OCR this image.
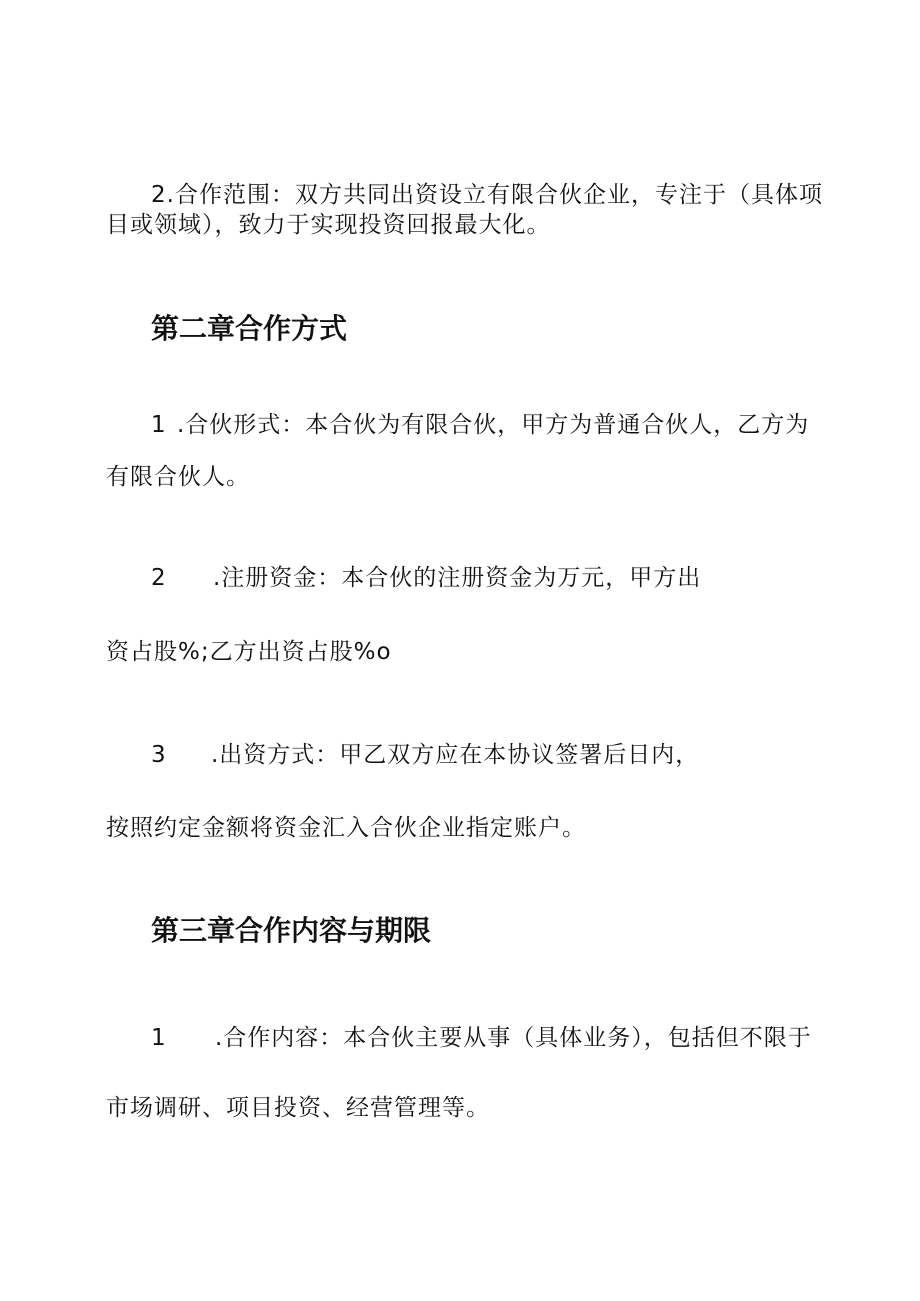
2.合作范围：双方共同出资设立有限合伙企业，专注于（具体项
目或领域），致力于实现投资回报最大化。
第二章合作方式
1 .合伙形式：本合伙为有限合伙，甲方为普通合伙人，乙方为
有限合伙人。
2 .注册资金：本合伙的注册资金为万元，甲方出
资占股%;乙方出资占股%o
3 .出资方式：甲乙双方应在本协议签署后日内，
按照约定金额将资金汇入合伙企业指定账户。
第三章合作内容与期限
1 .合作内容：本合伙主要从事（具体业务），包括但不限于
市场调研、项目投资、经营管理等。
